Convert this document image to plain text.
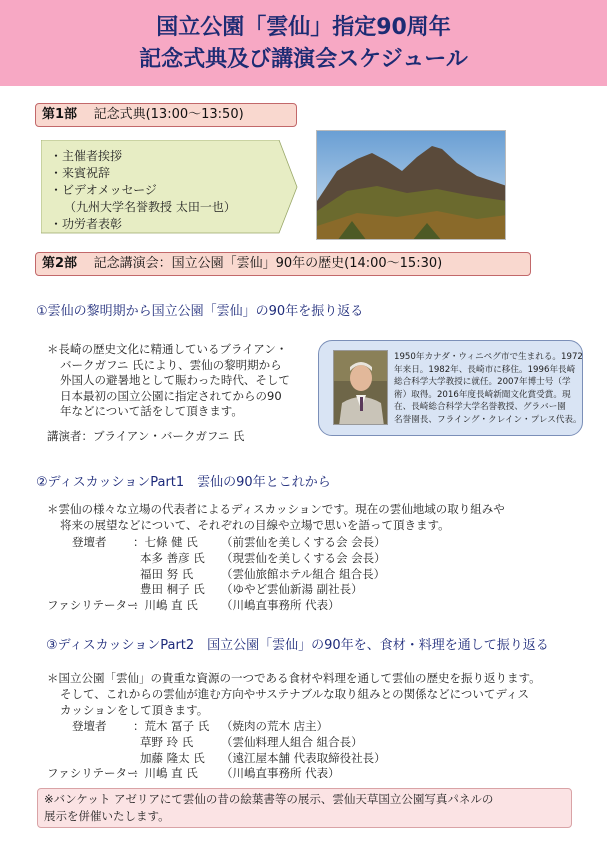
国立公園「雲仙」指定90周年
記念式典及び講演会スケジュール
第1部 記念式典(13:00～13:50)
・主催者挨拶
・来賓祝辞
・ビデオメッセージ
（九州大学名誉教授 太田一也）
・功労者表彰
第2部 記念講演会：国立公園「雲仙」90年の歴史(14:00～15:30)
①雲仙の黎明期から国立公園「雲仙」の90年を振り返る
＊長崎の歴史文化に精通しているブライアン・
バークガフニ 氏により、雲仙の黎明期から
外国人の避暑地として賑わった時代、そして
日本最初の国立公園に指定されてからの90
年などについて話をして頂きます。
講演者：ブライアン・バークガフニ 氏
1950年カナダ・ウィニペグ市で生まれる。1972
年来日。1982年、長崎市に移住。1996年長崎
総合科学大学教授に就任。2007年博士号（学
術）取得。2016年度長崎新聞文化賞受賞。現
在、長崎総合科学大学名誉教授、グラバー園
名誉園長、フライング・クレイン・プレス代表。
②ディスカッションPart1　雲仙の90年とこれから
＊雲仙の様々な立場の代表者によるディスカッションです。現在の雲仙地域の取り組みや
将来の展望などについて、それぞれの目線や立場で思いを語って頂きます。
登壇者 ：七條 健 氏 （前雲仙を美しくする会 会長）
本多 善彦 氏 （現雲仙を美しくする会 会長）
福田 努 氏 （雲仙旅館ホテル組合 組合長）
豊田 桐子 氏 （ゆやど雲仙新湯 副社長）
ファシリテーター
：川嶋 直 氏 （川嶋直事務所 代表）
③ディスカッションPart2　国立公園「雲仙」の90年を、食材・料理を通して振り返る
＊国立公園「雲仙」の貴重な資源の一つである食材や料理を通して雲仙の歴史を振り返ります。
そして、これからの雲仙が進む方向やサステナブルな取り組みとの関係などについてディス
カッションをして頂きます。
登壇者 ：荒木 冨子 氏 （焼肉の荒木 店主）
草野 玲 氏 （雲仙料理人組合 組合長）
加藤 隆太 氏 （遠江屋本舗 代表取締役社長）
ファシリテーター
：川嶋 直 氏 （川嶋直事務所 代表）
※バンケット アゼリアにて雲仙の昔の絵葉書等の展示、雲仙天草国立公園写真パネルの
展示を併催いたします。
